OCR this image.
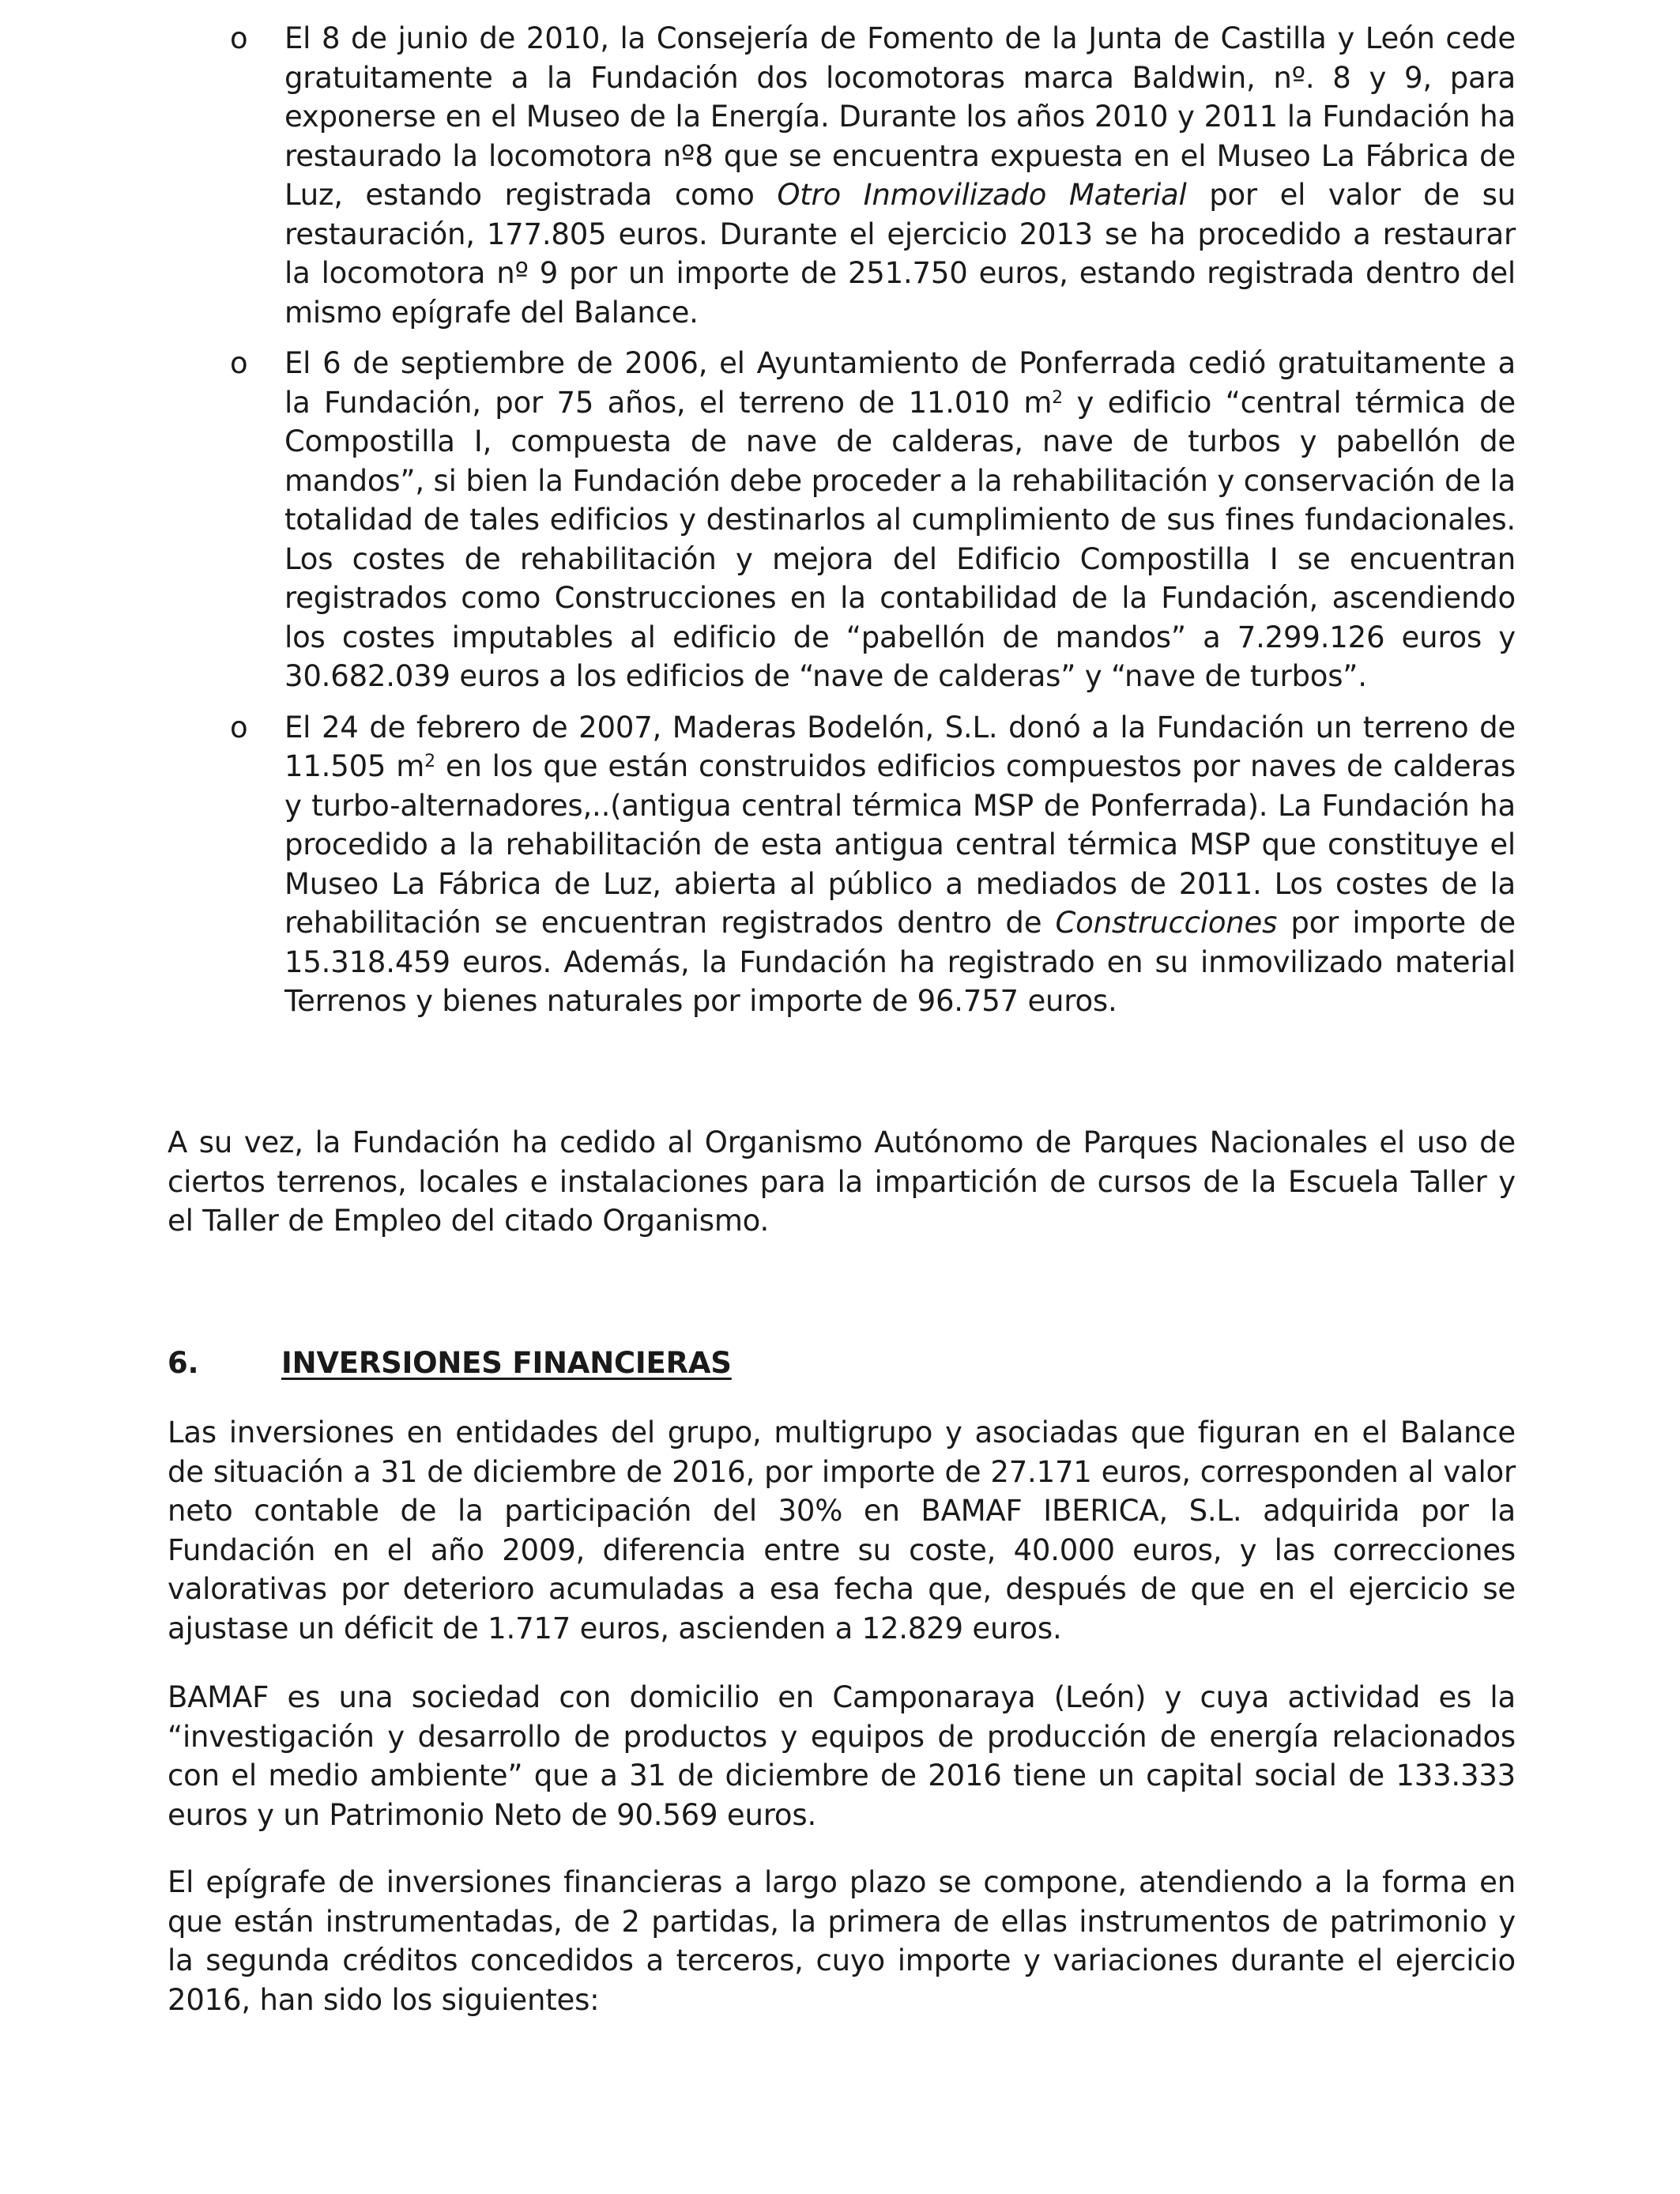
o El 8 de junio de 2010, la Consejería de Fomento de la Junta de Castilla y León cede gratuitamente a la Fundación dos locomotoras marca Baldwin, nº. 8 y 9, para exponerse en el Museo de la Energía. Durante los años 2010 y 2011 la Fundación ha restaurado la locomotora nº8 que se encuentra expuesta en el Museo La Fábrica de Luz, estando registrada como Otro Inmovilizado Material por el valor de su restauración, 177.805 euros. Durante el ejercicio 2013 se ha procedido a restaurar la locomotora nº 9 por un importe de 251.750 euros, estando registrada dentro del mismo epígrafe del Balance.

o El 6 de septiembre de 2006, el Ayuntamiento de Ponferrada cedió gratuitamente a la Fundación, por 75 años, el terreno de 11.010 $m^2$ y edificio “central térmica de Compostilla I, compuesta de nave de calderas, nave de turbos y pabellón de mandos”, si bien la Fundación debe proceder a la rehabilitación y conservación de la totalidad de tales edificios y destinarlos al cumplimiento de sus fines fundacionales. Los costes de rehabilitación y mejora del Edificio Compostilla I se encuentran registrados como Construcciones en la contabilidad de la Fundación, ascendiendo los costes imputables al edificio de “pabellón de mandos” a 7.299.126 euros y 30.682.039 euros a los edificios de “nave de calderas” y “nave de turbos”.

o El 24 de febrero de 2007, Maderas Bodelón, S.L. donó a la Fundación un terreno de 11.505 $m^2$ en los que están construidos edificios compuestos por naves de calderas y turbo-alternadores,..(antigua central térmica MSP de Ponferrada). La Fundación ha procedido a la rehabilitación de esta antigua central térmica MSP que constituye el Museo La Fábrica de Luz, abierta al público a mediados de 2011. Los costes de la rehabilitación se encuentran registrados dentro de Construcciones por importe de 15.318.459 euros. Además, la Fundación ha registrado en su inmovilizado material Terrenos y bienes naturales por importe de 96.757 euros.

A su vez, la Fundación ha cedido al Organismo Autónomo de Parques Nacionales el uso de ciertos terrenos, locales e instalaciones para la impartición de cursos de la Escuela Taller y el Taller de Empleo del citado Organismo.

6.	INVERSIONES FINANCIERAS

Las inversiones en entidades del grupo, multigrupo y asociadas que figuran en el Balance de situación a 31 de diciembre de 2016, por importe de 27.171 euros, corresponden al valor neto contable de la participación del 30% en BAMAF IBERICA, S.L. adquirida por la Fundación en el año 2009, diferencia entre su coste, 40.000 euros, y las correcciones valorativas por deterioro acumuladas a esa fecha que, después de que en el ejercicio se ajustase un déficit de 1.717 euros, ascienden a 12.829 euros.

BAMAF es una sociedad con domicilio en Camponaraya (León) y cuya actividad es la “investigación y desarrollo de productos y equipos de producción de energía relacionados con el medio ambiente” que a 31 de diciembre de 2016 tiene un capital social de 133.333 euros y un Patrimonio Neto de 90.569 euros.

El epígrafe de inversiones financieras a largo plazo se compone, atendiendo a la forma en que están instrumentadas, de 2 partidas, la primera de ellas instrumentos de patrimonio y la segunda créditos concedidos a terceros, cuyo importe y variaciones durante el ejercicio 2016, han sido los siguientes:
